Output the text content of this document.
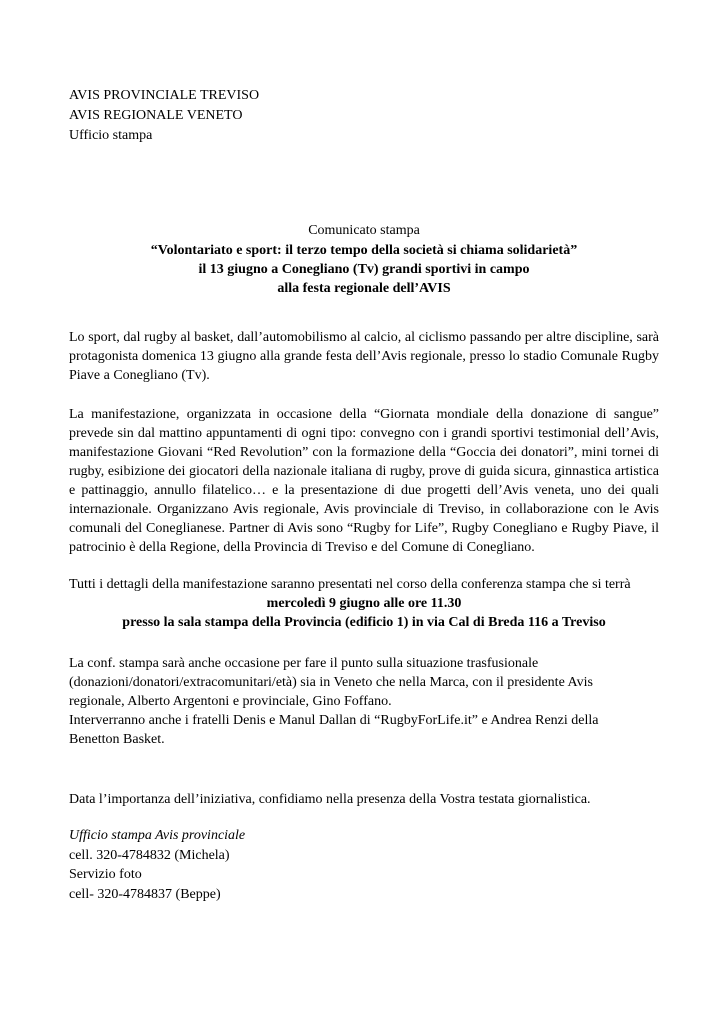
AVIS PROVINCIALE TREVISO
AVIS REGIONALE VENETO
Ufficio stampa
Comunicato stampa
“Volontariato e sport: il terzo tempo della società si chiama solidarietà”
il 13 giugno a Conegliano (Tv) grandi sportivi in campo
alla festa regionale dell’AVIS
Lo sport, dal rugby al basket, dall’automobilismo al calcio, al ciclismo passando per altre discipline, sarà protagonista domenica 13 giugno alla grande festa dell’Avis regionale, presso lo stadio Comunale Rugby Piave a Conegliano (Tv).
La manifestazione, organizzata in occasione della “Giornata mondiale della donazione di sangue” prevede sin dal mattino appuntamenti di ogni tipo: convegno con i grandi sportivi testimonial dell’Avis, manifestazione Giovani “Red Revolution” con la formazione della “Goccia dei donatori”, mini tornei di rugby, esibizione dei giocatori della nazionale italiana di rugby, prove di guida sicura, ginnastica artistica e pattinaggio, annullo filatelico… e la presentazione di due progetti dell’Avis veneta, uno dei quali internazionale. Organizzano Avis regionale, Avis provinciale di Treviso, in collaborazione con le Avis comunali del Coneglianese. Partner di Avis sono “Rugby for Life”, Rugby Conegliano e Rugby Piave, il patrocinio è della Regione, della Provincia di Treviso e del Comune di Conegliano.
Tutti i dettagli della manifestazione saranno presentati nel corso della conferenza stampa che si terrà
mercoledì 9 giugno alle ore 11.30
presso la sala stampa della Provincia (edificio 1) in via Cal di Breda 116 a Treviso
La conf. stampa sarà anche occasione per fare il punto sulla situazione trasfusionale
(donazioni/donatori/extracomunitari/età) sia in Veneto che nella Marca, con il presidente Avis
regionale, Alberto Argentoni e provinciale, Gino Foffano.
Interverranno anche i fratelli Denis e Manul Dallan di “RugbyForLife.it” e Andrea Renzi della
Benetton Basket.
Data l’importanza dell’iniziativa, confidiamo nella presenza della Vostra testata giornalistica.
Ufficio stampa Avis provinciale
cell. 320-4784832 (Michela)
Servizio foto
cell- 320-4784837 (Beppe)
